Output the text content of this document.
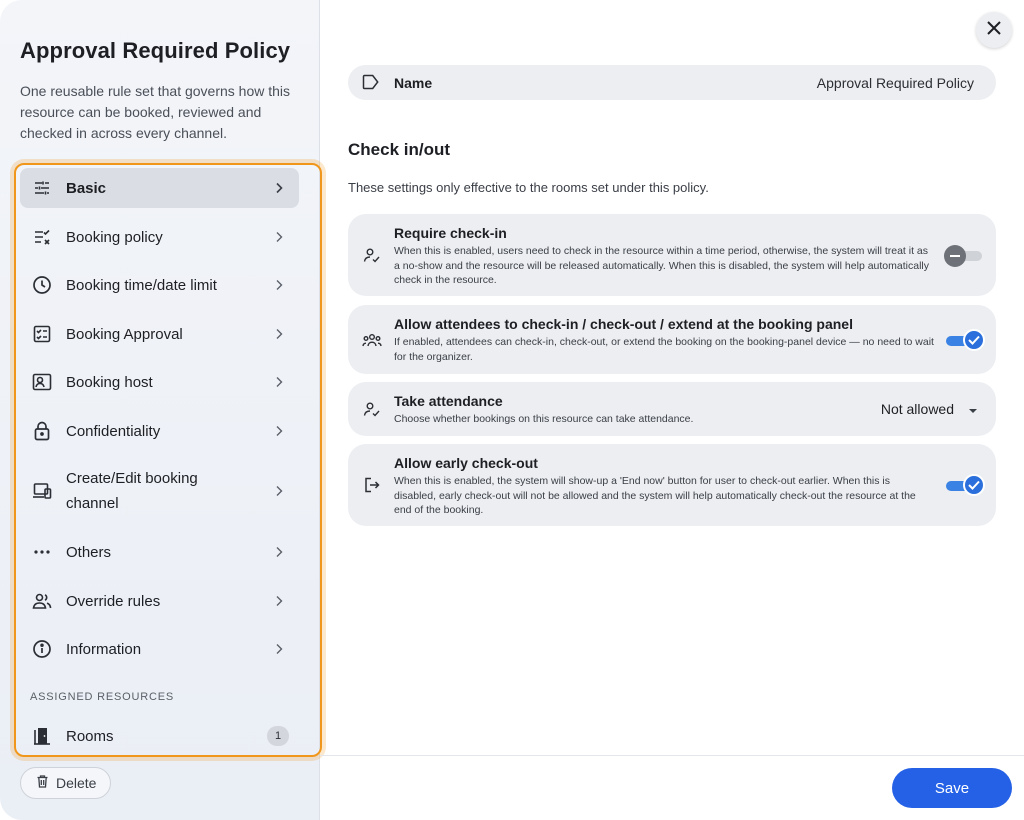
Approval Required Policy

One reusable rule set that governs how this resource can be booked, reviewed and checked in across every channel.

Basic
Booking policy
Booking time/date limit
Booking Approval
Booking host
Confidentiality
Create/Edit booking channel
Others
Override rules
Information
ASSIGNED RESOURCES
Rooms	1
Delete
Name	Approval Required Policy
Check in/out
These settings only effective to the rooms set under this policy.
Require check-in
When this is enabled, users need to check in the resource within a time period, otherwise, the system will treat it as a no-show and the resource will be released automatically. When this is disabled, the system will help automatically check in the resource.
Allow attendees to check-in / check-out / extend at the booking panel
If enabled, attendees can check-in, check-out, or extend the booking on the booking-panel device — no need to wait for the organizer.
Take attendance
Choose whether bookings on this resource can take attendance.
Not allowed
Allow early check-out
When this is enabled, the system will show-up a 'End now' button for user to check-out earlier. When this is disabled, early check-out will not be allowed and the system will help automatically check-out the resource at the end of the booking.
Save
